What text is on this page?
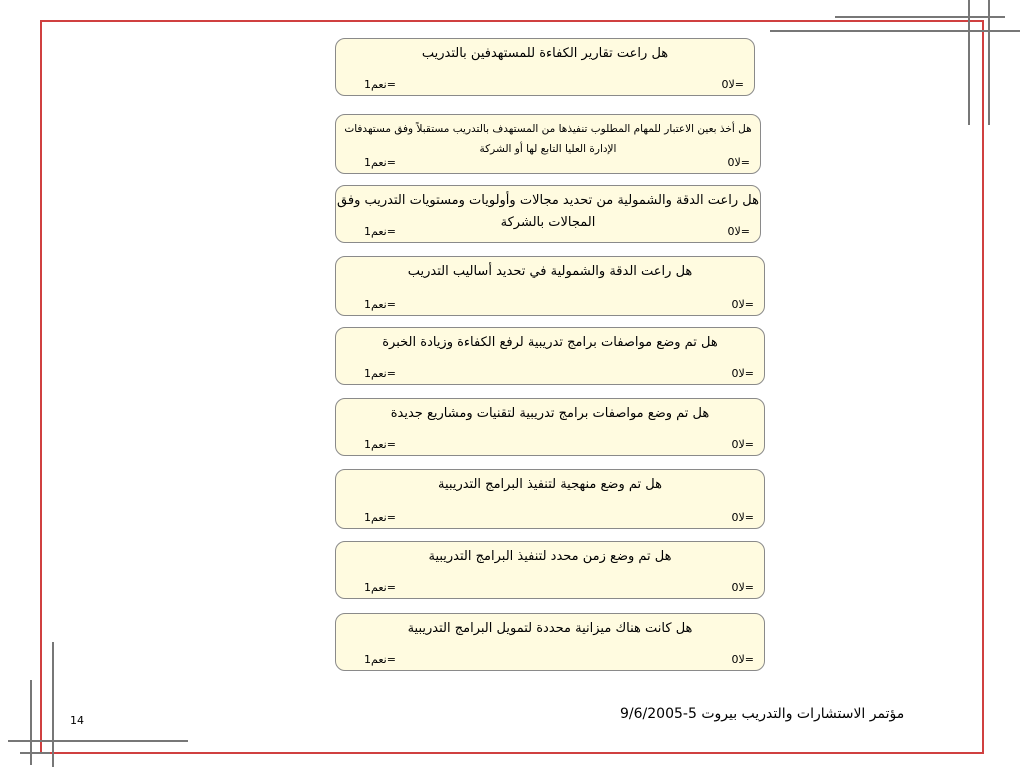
هل راعت تقارير الكفاءة للمستهدفين بالتدريب
نعم1=	لا0=
هل أخذ بعين الاعتبار للمهام المطلوب تنفيذها من المستهدف بالتدريب مستقبلاً وفق مستهدفات الإدارة العليا التابع لها أو الشركة
نعم1=	لا0=
هل راعت الدقة والشمولية من تحديد مجالات وأولويات ومستويات التدريب وفق المجالات بالشركة
نعم1=	لا0=
هل راعت الدقة والشمولية في تحديد أساليب التدريب
نعم1=	لا0=
هل تم وضع مواصفات برامج تدريبية لرفع الكفاءة وزيادة الخبرة
نعم1=	لا0=
هل تم وضع مواصفات برامج تدريبية لتقنيات ومشاريع جديدة
نعم1=	لا0=
هل تم وضع منهجية لتنفيذ البرامج التدريبية
نعم1=	لا0=
هل تم وضع زمن محدد لتنفيذ البرامج التدريبية
نعم1=	لا0=
هل كانت هناك ميزانية محددة لتمويل البرامج التدريبية
نعم1=	لا0=
مؤتمر الاستشارات والتدريب بيروت 5-9/6/2005
14
